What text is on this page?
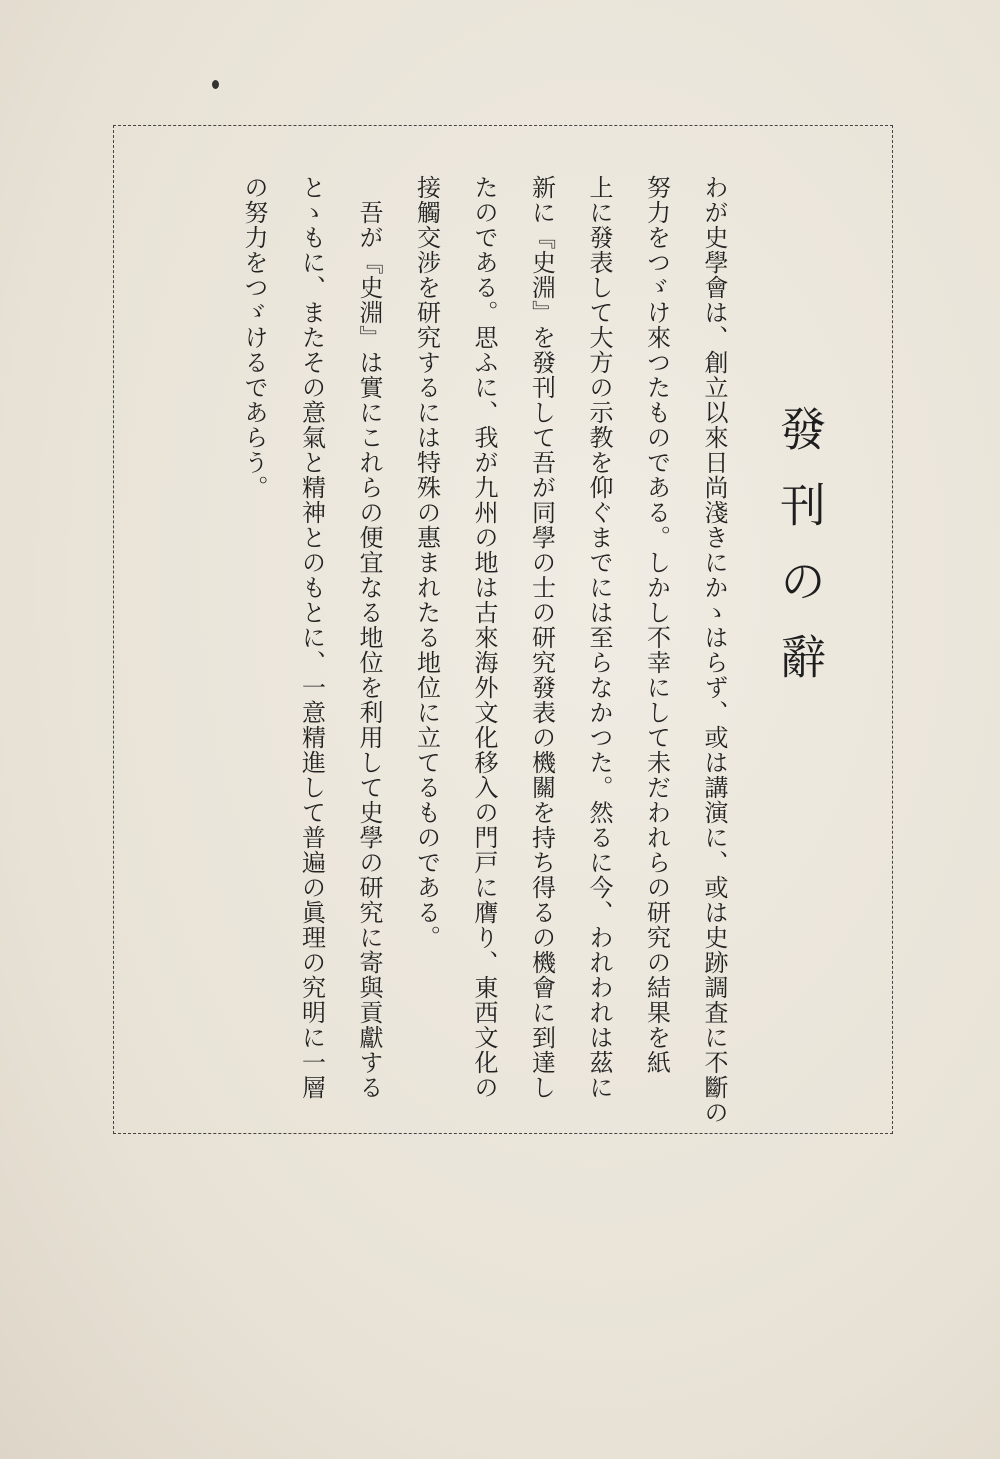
發刊の辭

わが史學會は、創立以來日尚淺きにかゝはらず、或は講演に、或は史跡調査に不斷の

努力をつゞけ來つたものである。しかし不幸にして未だわれらの研究の結果を紙

上に發表して大方の示教を仰ぐまでには至らなかつた。然るに今、われわれは茲に

新に『史淵』を發刊して吾が同學の士の研究發表の機關を持ち得るの機會に到達し

たのである。思ふに、我が九州の地は古來海外文化移入の門戸に膺り、東西文化の

接觸交涉を研究するには特殊の惠まれたる地位に立てるものである。

吾が『史淵』は實にこれらの便宜なる地位を利用して史學の研究に寄與貢獻する

とゝもに、またその意氣と精神とのもとに、一意精進して普遍の眞理の究明に一層

の努力をつゞけるであらう。
